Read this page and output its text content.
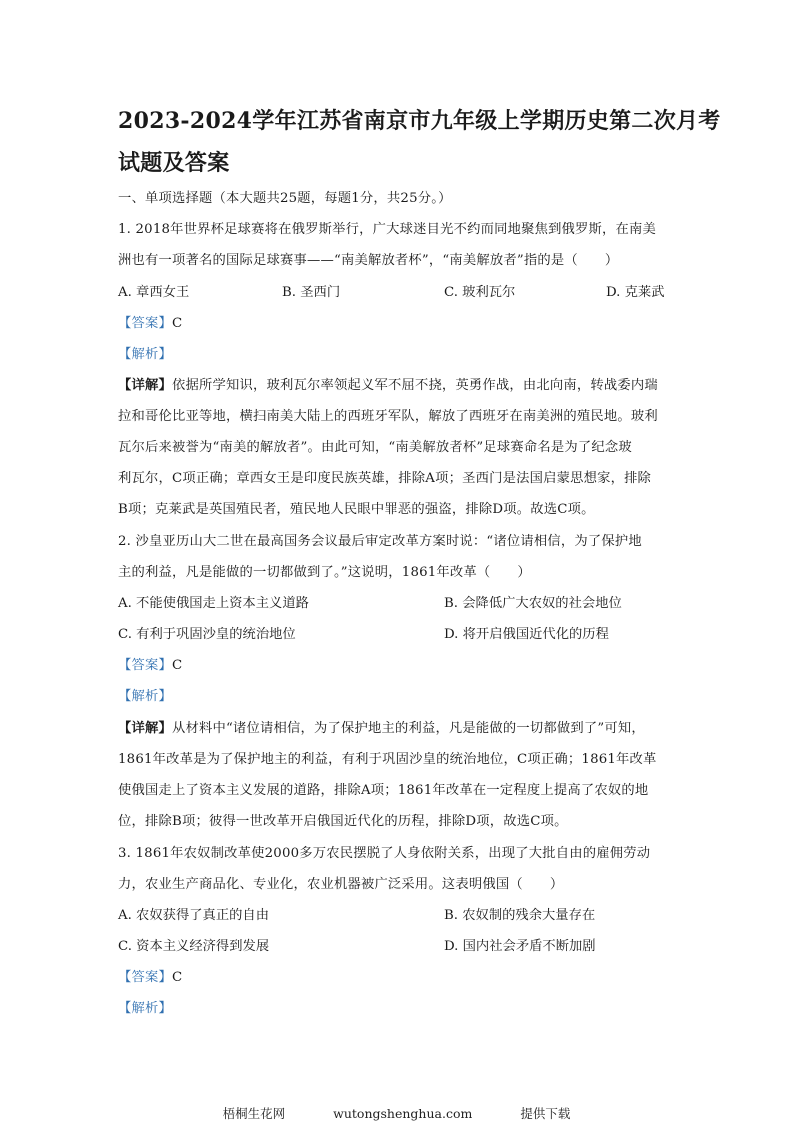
2023-2024学年江苏省南京市九年级上学期历史第二次月考
试题及答案
一、单项选择题（本大题共25题，每题1分，共25分。）
1. 2018年世界杯足球赛将在俄罗斯举行，广大球迷目光不约而同地聚焦到俄罗斯，在南美
洲也有一项著名的国际足球赛事——“南美解放者杯”，“南美解放者”指的是（　　）
A. 章西女王	B. 圣西门	C. 玻利瓦尔	D. 克莱武
【答案】C
【解析】
【详解】依据所学知识，玻利瓦尔率领起义军不屈不挠，英勇作战，由北向南，转战委内瑞
拉和哥伦比亚等地，横扫南美大陆上的西班牙军队，解放了西班牙在南美洲的殖民地。玻利
瓦尔后来被誉为“南美的解放者”。由此可知，“南美解放者杯”足球赛命名是为了纪念玻
利瓦尔，C项正确；章西女王是印度民族英雄，排除A项；圣西门是法国启蒙思想家，排除
B项；克莱武是英国殖民者，殖民地人民眼中罪恶的强盗，排除D项。故选C项。
2. 沙皇亚历山大二世在最高国务会议最后审定改革方案时说：“诸位请相信，为了保护地
主的利益，凡是能做的一切都做到了。”这说明，1861年改革（　　）
A. 不能使俄国走上资本主义道路	B. 会降低广大农奴的社会地位
C. 有利于巩固沙皇的统治地位	D. 将开启俄国近代化的历程
【答案】C
【解析】
【详解】从材料中“诸位请相信，为了保护地主的利益，凡是能做的一切都做到了”可知，
1861年改革是为了保护地主的利益，有利于巩固沙皇的统治地位，C项正确；1861年改革
使俄国走上了资本主义发展的道路，排除A项；1861年改革在一定程度上提高了农奴的地
位，排除B项；彼得一世改革开启俄国近代化的历程，排除D项，故选C项。
3. 1861年农奴制改革使2000多万农民摆脱了人身依附关系，出现了大批自由的雇佣劳动
力，农业生产商品化、专业化，农业机器被广泛采用。这表明俄国（　　）
A. 农奴获得了真正的自由	B. 农奴制的残余大量存在
C. 资本主义经济得到发展	D. 国内社会矛盾不断加剧
【答案】C
【解析】
梧桐生花网	wutongshenghua.com	提供下载
